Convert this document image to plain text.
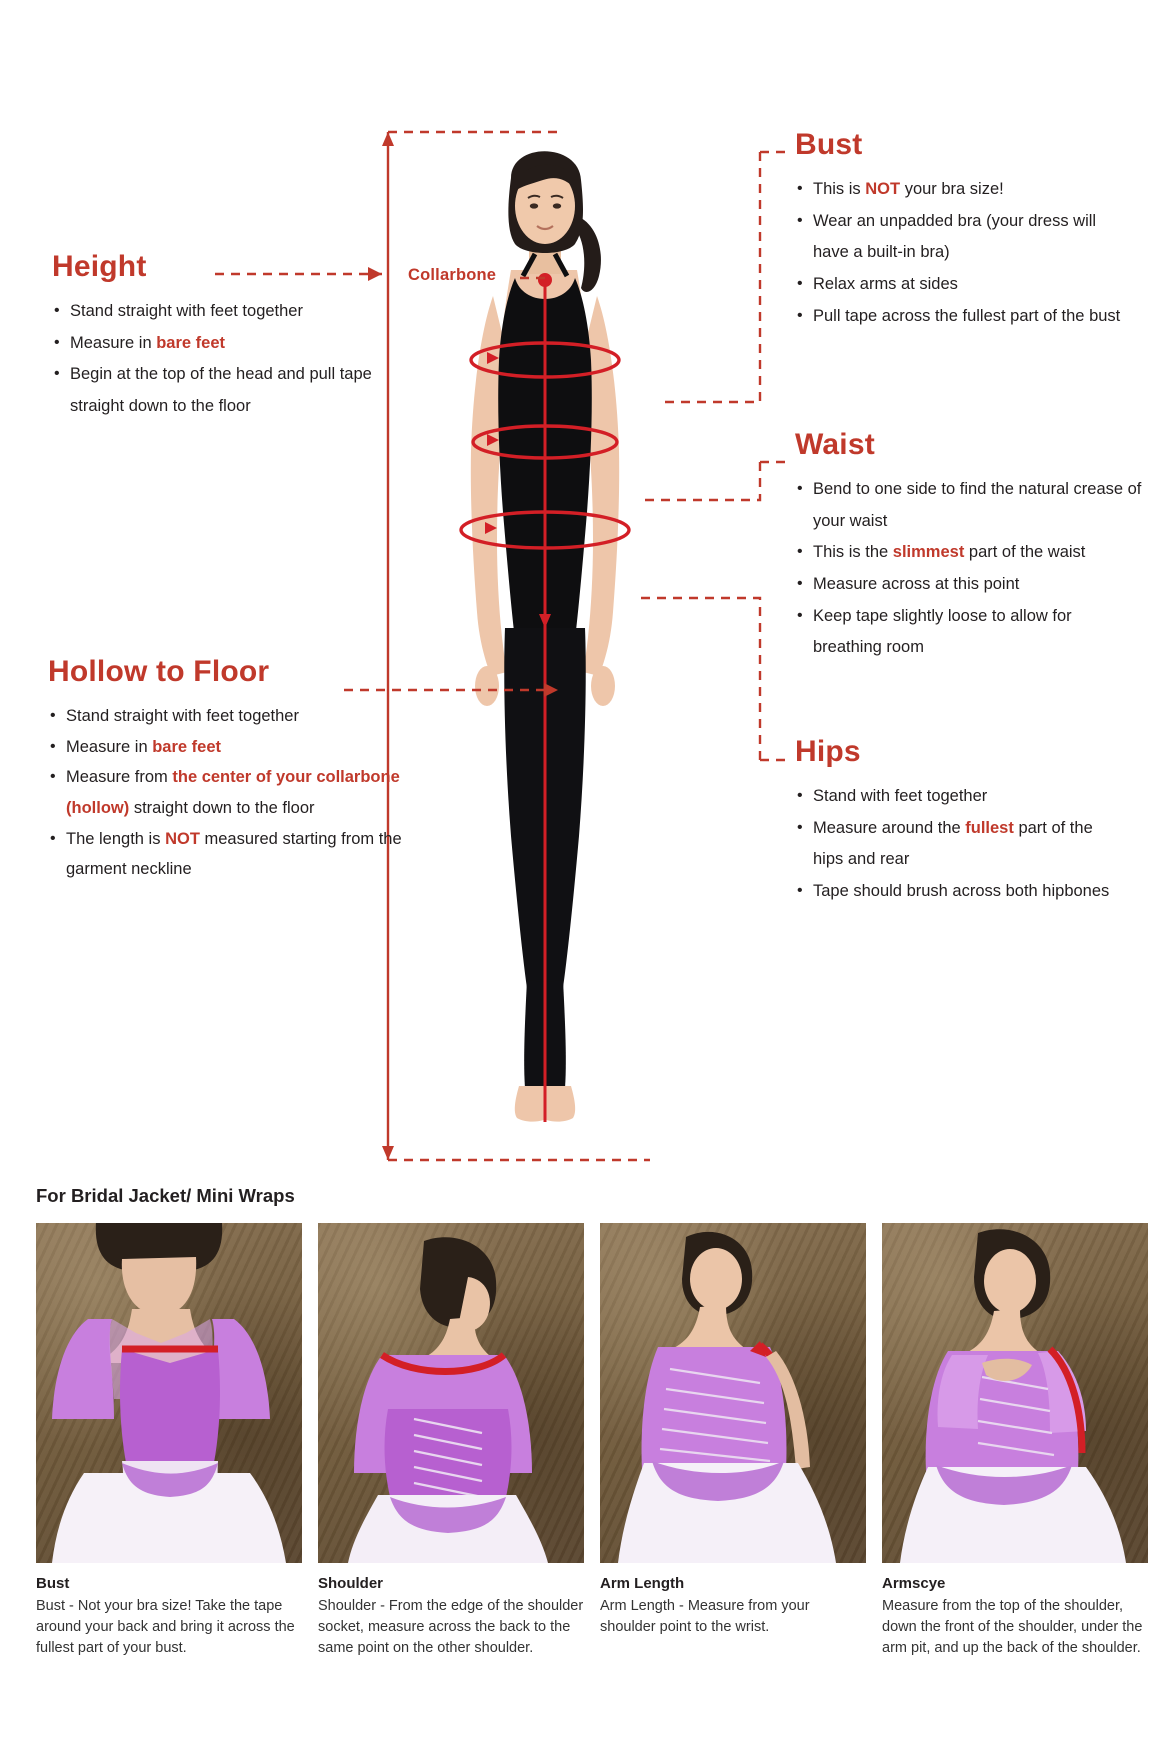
Collarbone
Height
• Stand straight with feet together
• Measure in bare feet
• Begin at the top of the head and pull tape straight down to the floor
Hollow to Floor
• Stand straight with feet together
• Measure in bare feet
• Measure from the center of your collarbone (hollow) straight down to the floor
• The length is NOT measured starting from the garment neckline
Bust
• This is NOT your bra size!
• Wear an unpadded bra (your dress will have a built-in bra)
• Relax arms at sides
• Pull tape across the fullest part of the bust
Waist
• Bend to one side to find the natural crease of your waist
• This is the slimmest part of the waist
• Measure across at this point
• Keep tape slightly loose to allow for breathing room
Hips
• Stand with feet together
• Measure around the fullest part of the hips and rear
• Tape should brush across both hipbones
For Bridal Jacket/ Mini Wraps
Bust
Bust - Not your bra size! Take the tape around your back and bring it across the fullest part of your bust.
Shoulder
Shoulder - From the edge of the shoulder socket, measure across the back to the same point on the other shoulder.
Arm Length
Arm Length - Measure from your shoulder point to the wrist.
Armscye
Measure from the top of the shoulder, down the front of the shoulder, under the arm pit, and up the back of the shoulder.
